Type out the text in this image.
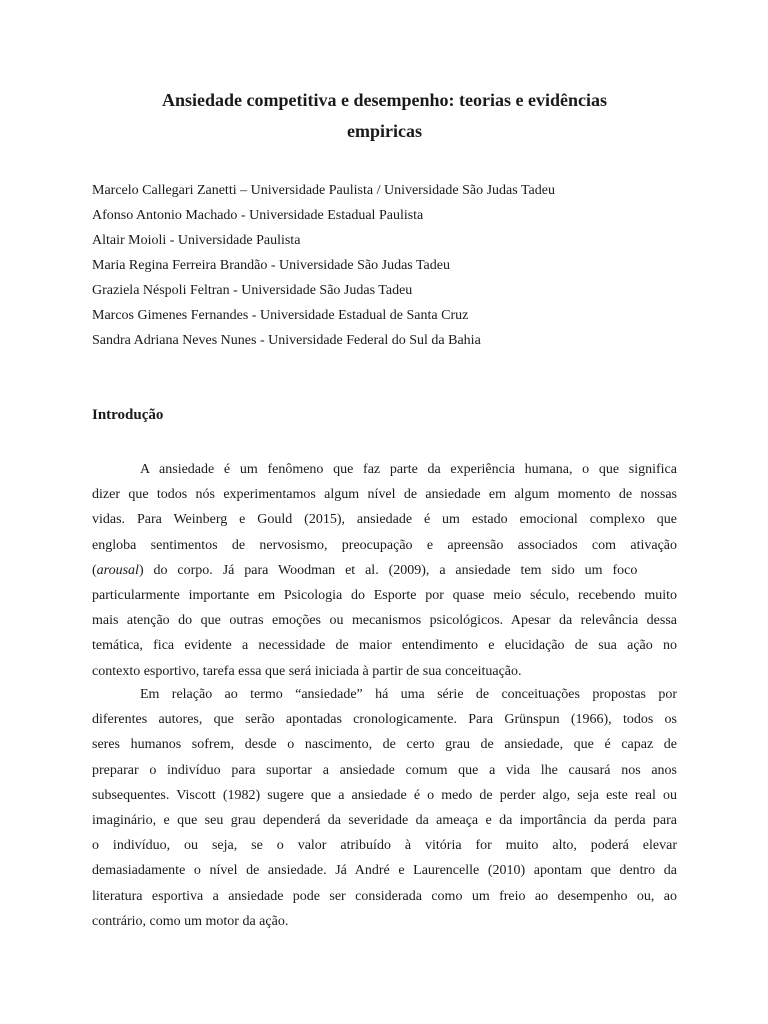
Ansiedade competitiva e desempenho: teorias e evidências

empiricas

Marcelo Callegari Zanetti – Universidade Paulista / Universidade São Judas Tadeu
Afonso Antonio Machado - Universidade Estadual Paulista
Altair Moioli - Universidade Paulista
Maria Regina Ferreira Brandão - Universidade São Judas Tadeu
Graziela Néspoli Feltran - Universidade São Judas Tadeu
Marcos Gimenes Fernandes - Universidade Estadual de Santa Cruz
Sandra Adriana Neves Nunes - Universidade Federal do Sul da Bahia
Introdução
A ansiedade é um fenômeno que faz parte da experiência humana, o que significa
dizer que todos nós experimentamos algum nível de ansiedade em algum momento de nossas
vidas. Para Weinberg e Gould (2015), ansiedade é um estado emocional complexo que
engloba sentimentos de nervosismo, preocupação e apreensão associados com ativação
(arousal) do corpo. Já para Woodman et al. (2009), a ansiedade tem sido um foco
particularmente importante em Psicologia do Esporte por quase meio século, recebendo muito
mais atenção do que outras emoções ou mecanismos psicológicos. Apesar da relevância dessa
temática, fica evidente a necessidade de maior entendimento e elucidação de sua ação no
contexto esportivo, tarefa essa que será iniciada à partir de sua conceituação.
Em relação ao termo “ansiedade” há uma série de conceituações propostas por
diferentes autores, que serão apontadas cronologicamente. Para Grünspun (1966), todos os
seres humanos sofrem, desde o nascimento, de certo grau de ansiedade, que é capaz de
preparar o indivíduo para suportar a ansiedade comum que a vida lhe causará nos anos
subsequentes. Viscott (1982) sugere que a ansiedade é o medo de perder algo, seja este real ou
imaginário, e que seu grau dependerá da severidade da ameaça e da importância da perda para
o indivíduo, ou seja, se o valor atribuído à vitória for muito alto, poderá elevar
demasiadamente o nível de ansiedade. Já André e Laurencelle (2010) apontam que dentro da
literatura esportiva a ansiedade pode ser considerada como um freio ao desempenho ou, ao
contrário, como um motor da ação.
